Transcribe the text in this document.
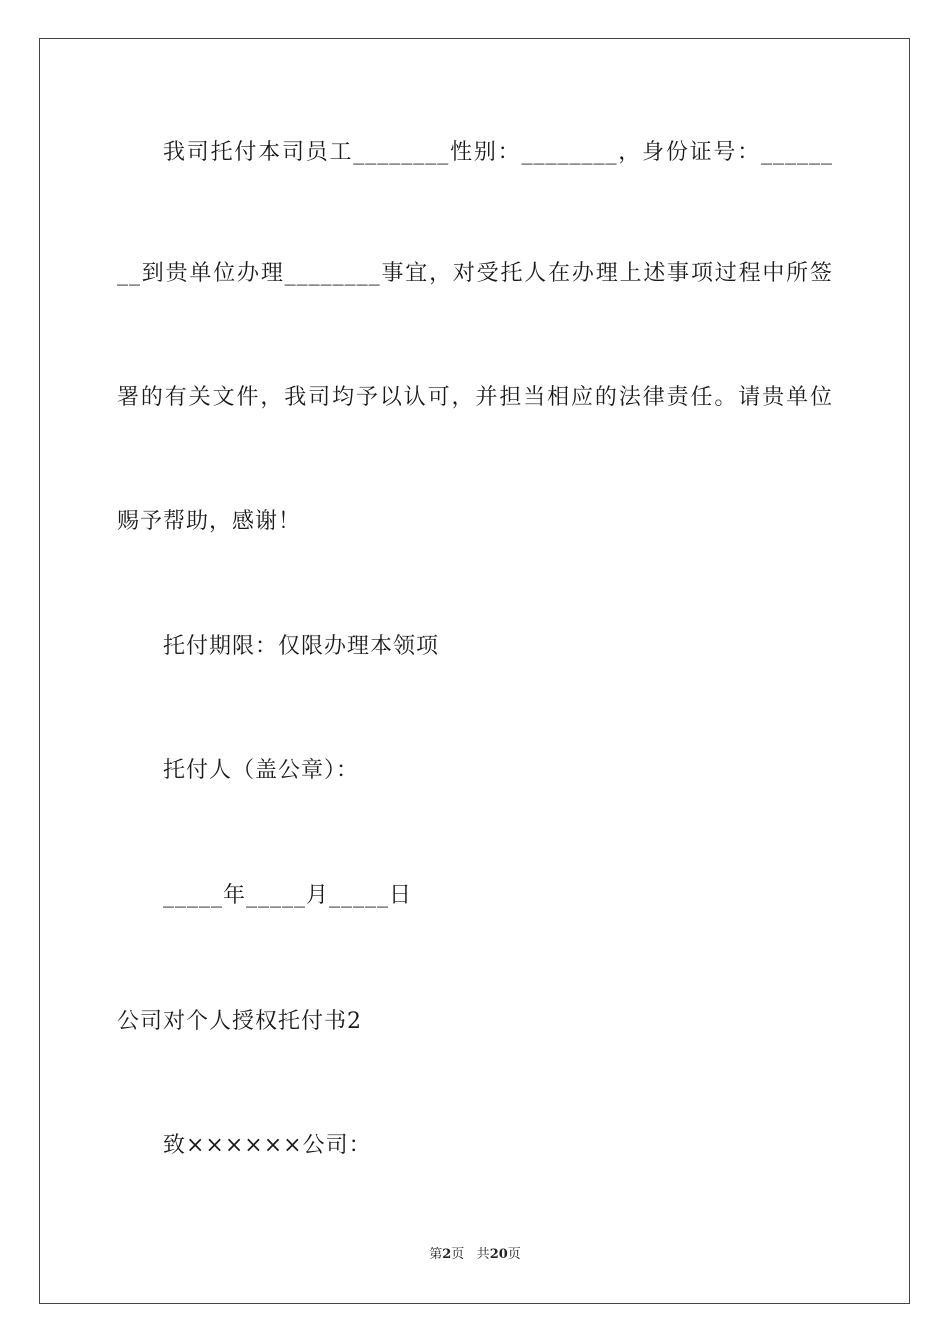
我司托付本司员工________性别：________，身份证号：______
__到贵单位办理________事宜，对受托人在办理上述事项过程中所签
署的有关文件，我司均予以认可，并担当相应的法律责任。请贵单位
赐予帮助，感谢！
托付期限：仅限办理本领项
托付人（盖公章）：
_____年_____月_____日
公司对个人授权托付书2
致××××××公司：
第2页 共20页
